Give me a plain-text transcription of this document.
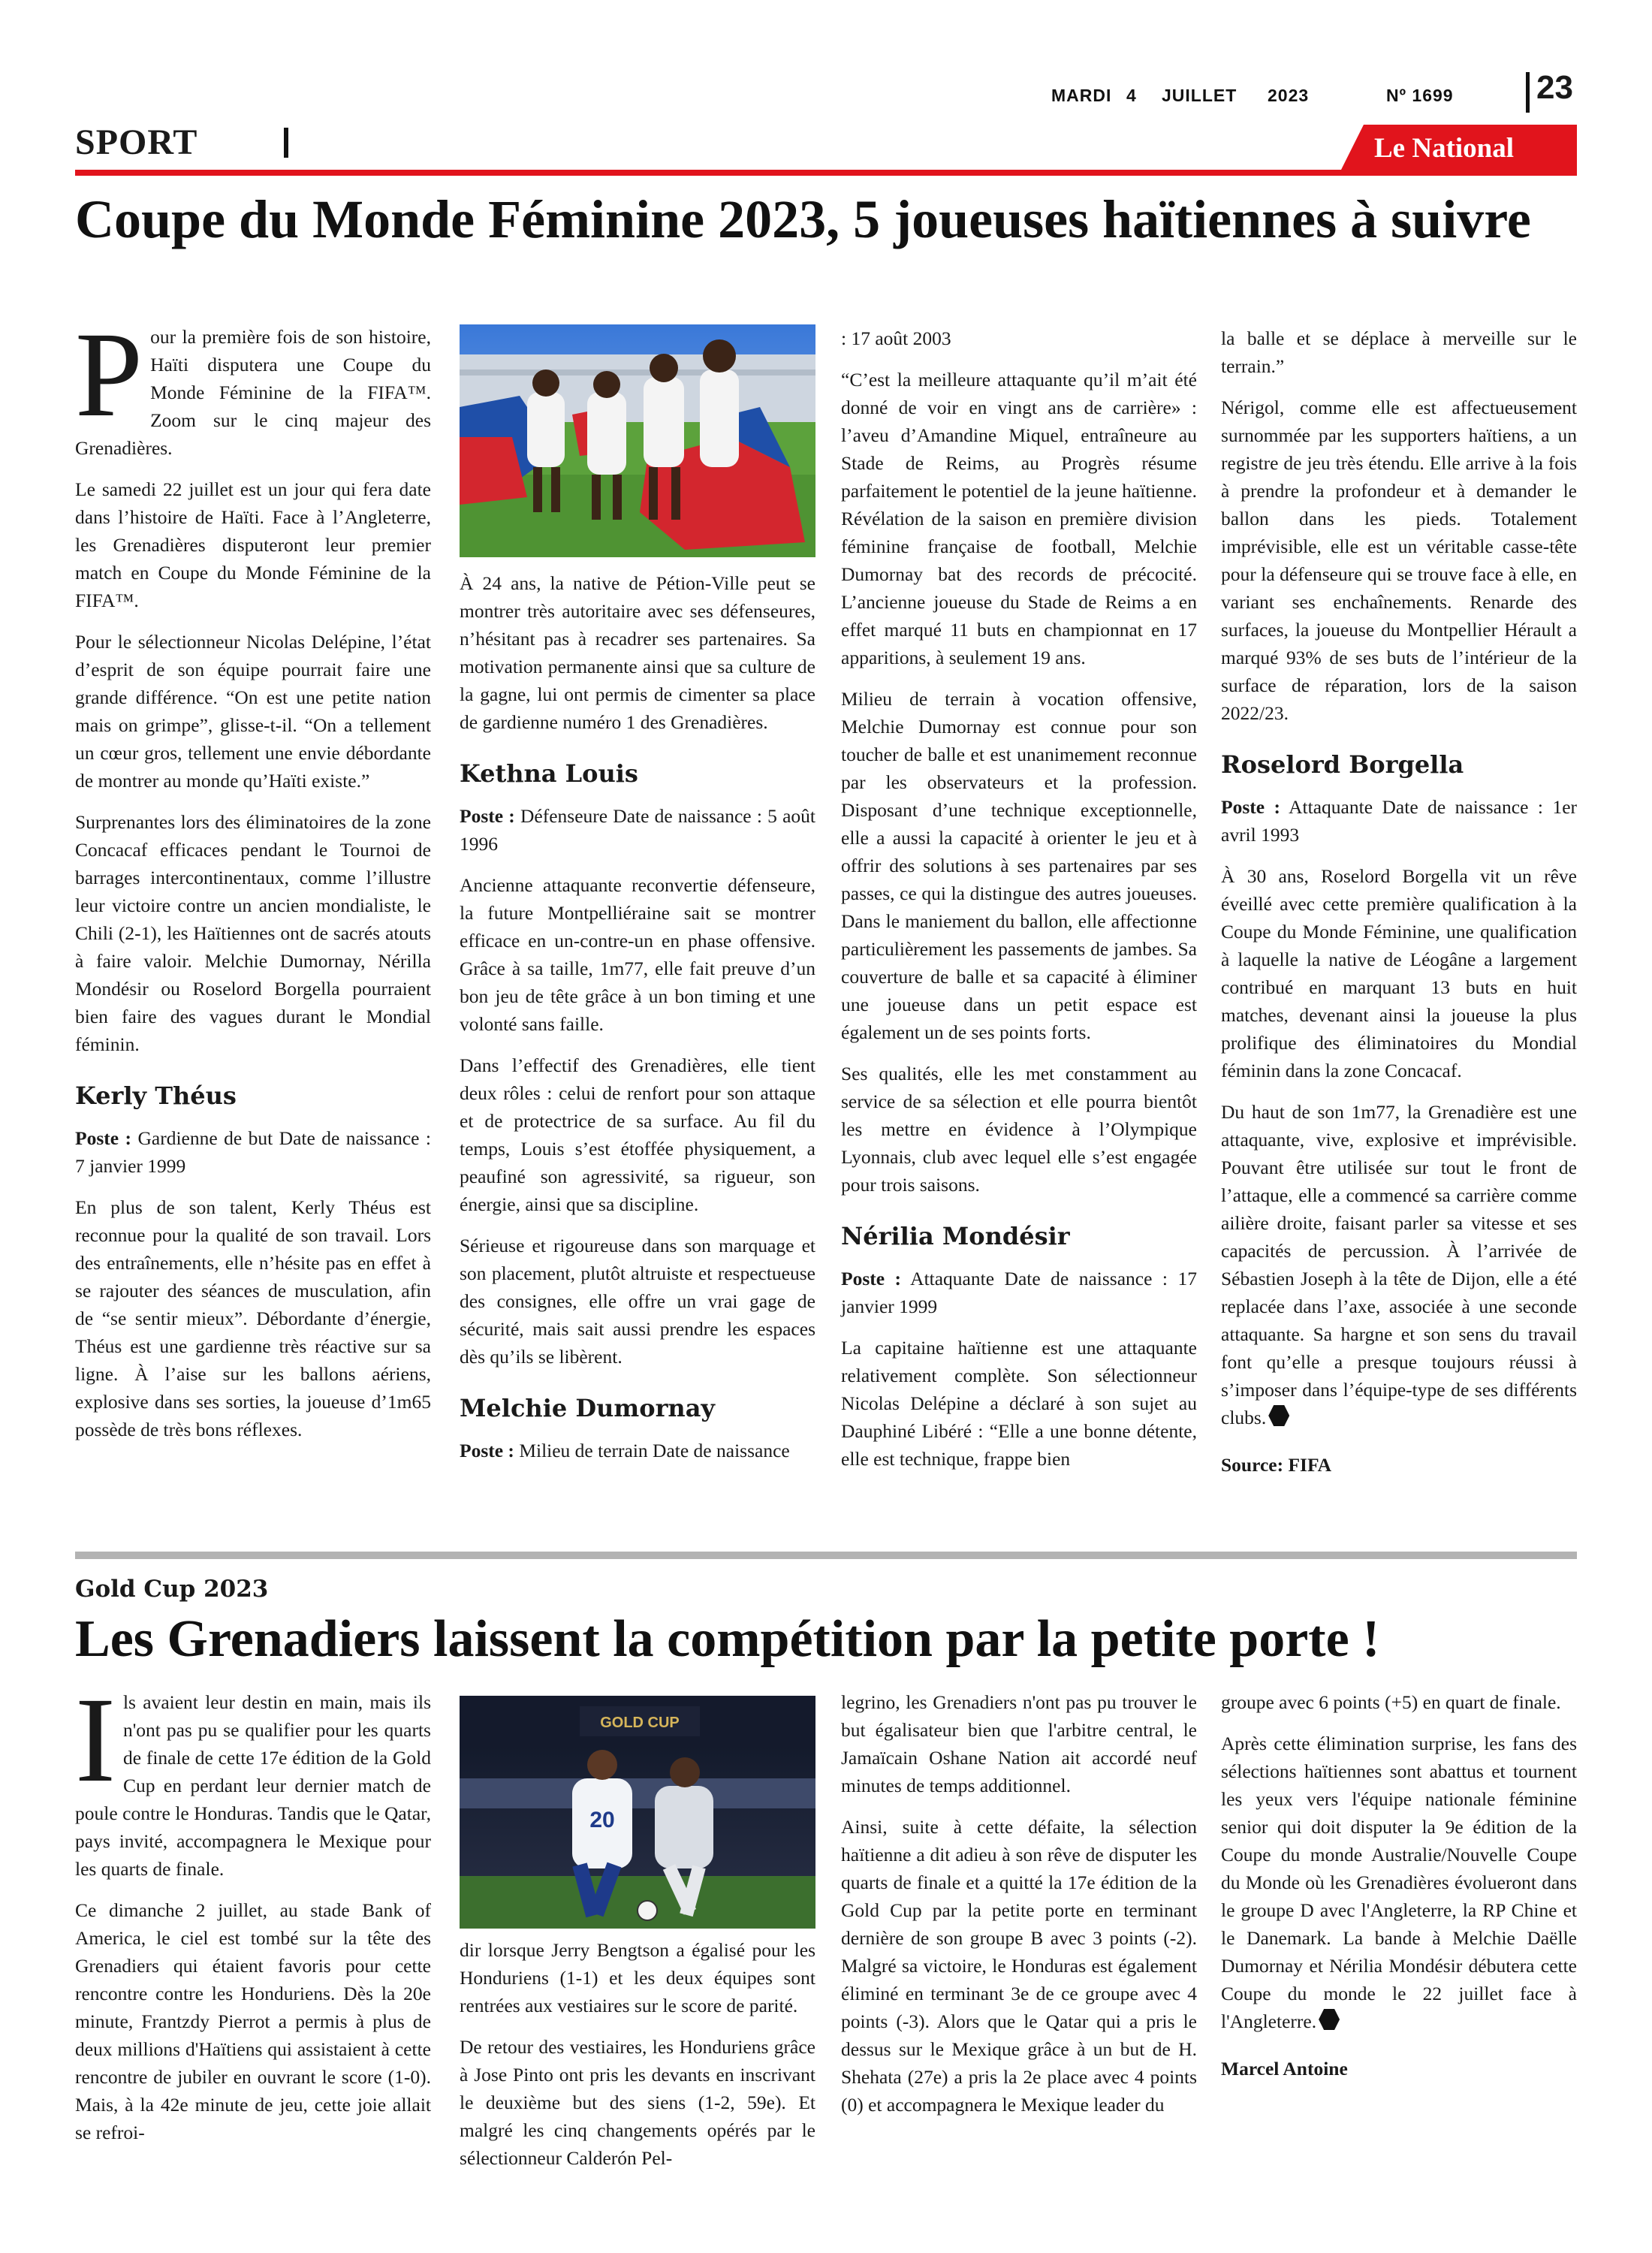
MARDI 4 JUILLET 2023	Nº 1699	23
SPORT	Le National
Coupe du Monde Féminine 2023, 5 joueuses haïtiennes à suivre

Pour la première fois de son histoire, Haïti disputera une Coupe du Monde Féminine de la FIFA™. Zoom sur le cinq majeur des Grenadières.

Le samedi 22 juillet est un jour qui fera date dans l’histoire de Haïti. Face à l’Angleterre, les Grenadières disputeront leur premier match en Coupe du Monde Féminine de la FIFA™.

Pour le sélectionneur Nicolas Delépine, l’état d’esprit de son équipe pourrait faire une grande différence. “On est une petite nation mais on grimpe”, glisse-t-il. “On a tellement un cœur gros, tellement une envie débordante de montrer au monde qu’Haïti existe.”

Surprenantes lors des éliminatoires de la zone Concacaf efficaces pendant le Tournoi de barrages intercontinentaux, comme l’illustre leur victoire contre un ancien mondialiste, le Chili (2-1), les Haïtiennes ont de sacrés atouts à faire valoir. Melchie Dumornay, Nérilla Mondésir ou Roselord Borgella pourraient bien faire des vagues durant le Mondial féminin.

Kerly Théus

Poste : Gardienne de but Date de naissance : 7 janvier 1999

En plus de son talent, Kerly Théus est reconnue pour la qualité de son travail. Lors des entraînements, elle n’hésite pas en effet à se rajouter des séances de musculation, afin de “se sentir mieux”. Débordante d’énergie, Théus est une gardienne très réactive sur sa ligne. À l’aise sur les ballons aériens, explosive dans ses sorties, la joueuse d’1m65 possède de très bons réflexes.

À 24 ans, la native de Pétion-Ville peut se montrer très autoritaire avec ses défenseures, n’hésitant pas à recadrer ses partenaires. Sa motivation permanente ainsi que sa culture de la gagne, lui ont permis de cimenter sa place de gardienne numéro 1 des Grenadières.

Kethna Louis

Poste : Défenseure Date de naissance : 5 août 1996

Ancienne attaquante reconvertie défenseure, la future Montpelliéraine sait se montrer efficace en un-contre-un en phase offensive. Grâce à sa taille, 1m77, elle fait preuve d’un bon jeu de tête grâce à un bon timing et une volonté sans faille.

Dans l’effectif des Grenadières, elle tient deux rôles : celui de renfort pour son attaque et de protectrice de sa surface. Au fil du temps, Louis s’est étoffée physiquement, a peaufiné son agressivité, sa rigueur, son énergie, ainsi que sa discipline.

Sérieuse et rigoureuse dans son marquage et son placement, plutôt altruiste et respectueuse des consignes, elle offre un vrai gage de sécurité, mais sait aussi prendre les espaces dès qu’ils se libèrent.

Melchie Dumornay

Poste : Milieu de terrain Date de naissance

: 17 août 2003

“C’est la meilleure attaquante qu’il m’ait été donné de voir en vingt ans de carrière» : l’aveu d’Amandine Miquel, entraîneure au Stade de Reims, au Progrès résume parfaitement le potentiel de la jeune haïtienne. Révélation de la saison en première division féminine française de football, Melchie Dumornay bat des records de précocité. L’ancienne joueuse du Stade de Reims a en effet marqué 11 buts en championnat en 17 apparitions, à seulement 19 ans.

Milieu de terrain à vocation offensive, Melchie Dumornay est connue pour son toucher de balle et est unanimement reconnue par les observateurs et la profession. Disposant d’une technique exceptionnelle, elle a aussi la capacité à orienter le jeu et à offrir des solutions à ses partenaires par ses passes, ce qui la distingue des autres joueuses. Dans le maniement du ballon, elle affectionne particulièrement les passements de jambes. Sa couverture de balle et sa capacité à éliminer une joueuse dans un petit espace est également un de ses points forts.

Ses qualités, elle les met constamment au service de sa sélection et elle pourra bientôt les mettre en évidence à l’Olympique Lyonnais, club avec lequel elle s’est engagée pour trois saisons.

Nérilia Mondésir

Poste : Attaquante Date de naissance : 17 janvier 1999

La capitaine haïtienne est une attaquante relativement complète. Son sélectionneur Nicolas Delépine a déclaré à son sujet au Dauphiné Libéré : “Elle a une bonne détente, elle est technique, frappe bien

la balle et se déplace à merveille sur le terrain.”

Nérigol, comme elle est affectueusement surnommée par les supporters haïtiens, a un registre de jeu très étendu. Elle arrive à la fois à prendre la profondeur et à demander le ballon dans les pieds. Totalement imprévisible, elle est un véritable casse-tête pour la défenseure qui se trouve face à elle, en variant ses enchaînements. Renarde des surfaces, la joueuse du Montpellier Hérault a marqué 93% de ses buts de l’intérieur de la surface de réparation, lors de la saison 2022/23.

Roselord Borgella

Poste : Attaquante Date de naissance : 1er avril 1993

À 30 ans, Roselord Borgella vit un rêve éveillé avec cette première qualification à la Coupe du Monde Féminine, une qualification à laquelle la native de Léogâne a largement contribué en marquant 13 buts en huit matches, devenant ainsi la joueuse la plus prolifique des éliminatoires du Mondial féminin dans la zone Concacaf.

Du haut de son 1m77, la Grenadière est une attaquante, vive, explosive et imprévisible. Pouvant être utilisée sur tout le front de l’attaque, elle a commencé sa carrière comme ailière droite, faisant parler sa vitesse et ses capacités de percussion. À l’arrivée de Sébastien Joseph à la tête de Dijon, elle a été replacée dans l’axe, associée à une seconde attaquante. Sa hargne et son sens du travail font qu’elle a presque toujours réussi à s’imposer dans l’équipe-type de ses différents clubs.

Source: FIFA

Gold Cup 2023
Les Grenadiers laissent la compétition par la petite porte !

Ils avaient leur destin en main, mais ils n'ont pas pu se qualifier pour les quarts de finale de cette 17e édition de la Gold Cup en perdant leur dernier match de poule contre le Honduras. Tandis que le Qatar, pays invité, accompagnera le Mexique pour les quarts de finale.

Ce dimanche 2 juillet, au stade Bank of America, le ciel est tombé sur la tête des Grenadiers qui étaient favoris pour cette rencontre contre les Honduriens. Dès la 20e minute, Frantzdy Pierrot a permis à plus de deux millions d'Haïtiens qui assistaient à cette rencontre de jubiler en ouvrant le score (1-0). Mais, à la 42e minute de jeu, cette joie allait se refroi-

GOLD CUP
20

dir lorsque Jerry Bengtson a égalisé pour les Honduriens (1-1) et les deux équipes sont rentrées aux vestiaires sur le score de parité.

De retour des vestiaires, les Honduriens grâce à Jose Pinto ont pris les devants en inscrivant le deuxième but des siens (1-2, 59e). Et malgré les cinq changements opérés par le sélectionneur Calderón Pel-

legrino, les Grenadiers n'ont pas pu trouver le but égalisateur bien que l'arbitre central, le Jamaïcain Oshane Nation ait accordé neuf minutes de temps additionnel.

Ainsi, suite à cette défaite, la sélection haïtienne a dit adieu à son rêve de disputer les quarts de finale et a quitté la 17e édition de la Gold Cup par la petite porte en terminant dernière de son groupe B avec 3 points (-2). Malgré sa victoire, le Honduras est également éliminé en terminant 3e de ce groupe avec 4 points (-3). Alors que le Qatar qui a pris le dessus sur le Mexique grâce à un but de H. Shehata (27e) a pris la 2e place avec 4 points (0) et accompagnera le Mexique leader du

groupe avec 6 points (+5) en quart de finale.

Après cette élimination surprise, les fans des sélections haïtiennes sont abattus et tournent les yeux vers l'équipe nationale féminine senior qui doit disputer la 9e édition de la Coupe du monde Australie/Nouvelle Coupe du Monde où les Grenadières évolueront dans le groupe D avec l'Angleterre, la RP Chine et le Danemark. La bande à Melchie Daëlle Dumornay et Nérilia Mondésir débutera cette Coupe du monde le 22 juillet face à l'Angleterre.

Marcel Antoine
